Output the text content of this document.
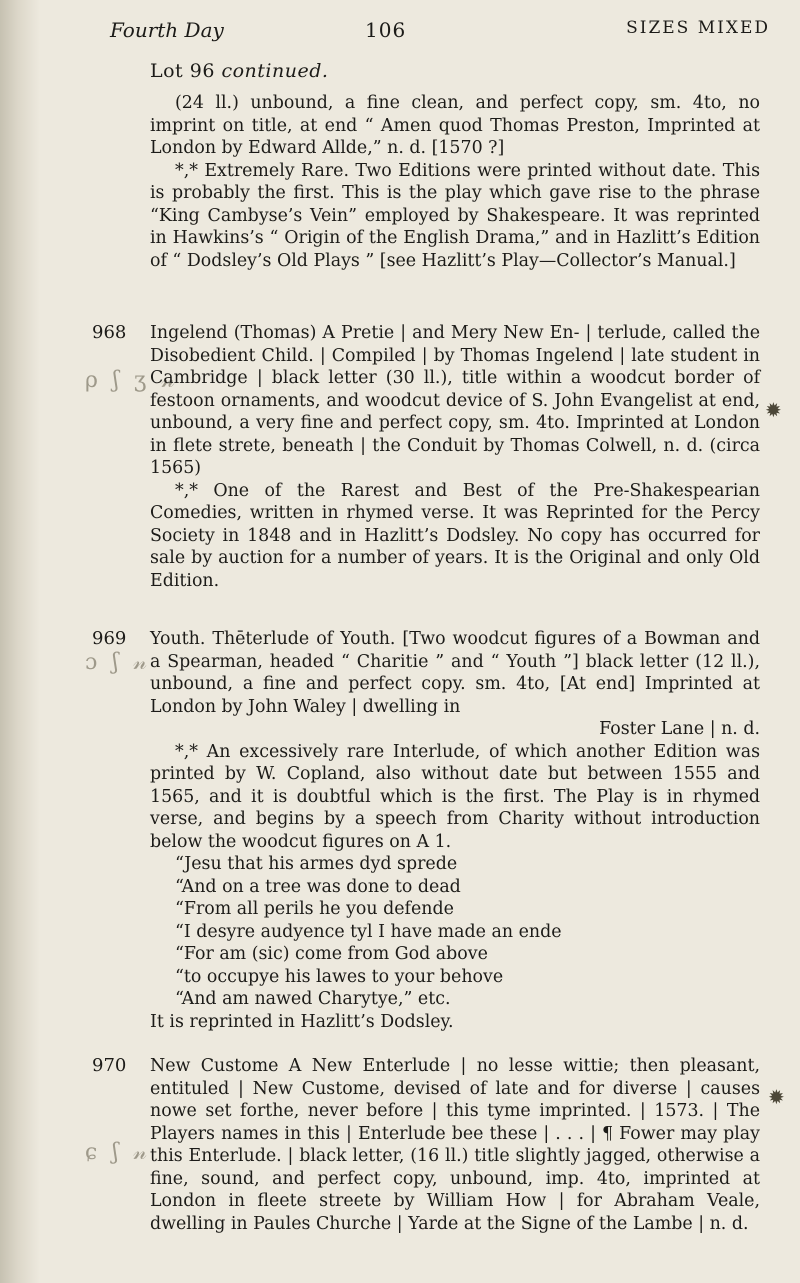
ρ ʃ ʒ 𝓃
ɔ ʃ 𝓃
ɕ ʃ 𝓃
✹
✹
Fourth Day	106	SIZES MIXED
Lot 96 continued.

(24 ll.) unbound, a fine clean, and perfect copy, sm. 4to, no imprint on title, at end “ Amen quod Thomas Preston, Imprinted at London by Edward Allde,” n. d. [1570 ?]

*,* Extremely Rare. Two Editions were printed without date. This is probably the first. This is the play which gave rise to the phrase “King Cambyse’s Vein” employed by Shakespeare. It was reprinted in Hawkins’s “ Origin of the English Drama,” and in Hazlitt’s Edition of “ Dodsley’s Old Plays ” [see Hazlitt’s Play—Collector’s Manual.]

968 Ingelend (Thomas) A Pretie | and Mery New En- | terlude, called the Disobedient Child. | Compiled | by Thomas Ingelend | late student in Cambridge | black letter (30 ll.), title within a woodcut border of festoon ornaments, and woodcut device of S. John Evangelist at end, unbound, a very fine and perfect copy, sm. 4to. Imprinted at London in flete strete, beneath | the Conduit by Thomas Colwell, n. d. (circa 1565)

*,* One of the Rarest and Best of the Pre-Shakespearian Comedies, written in rhymed verse. It was Reprinted for the Percy Society in 1848 and in Hazlitt’s Dodsley. No copy has occurred for sale by auction for a number of years. It is the Original and only Old Edition.

969 Youth. Thēterlude of Youth. [Two woodcut figures of a Bowman and a Spearman, headed “ Charitie ” and “ Youth ”] black letter (12 ll.), unbound, a fine and perfect copy. sm. 4to, [At end] Imprinted at London by John Waley | dwelling in

Foster Lane | n. d.

*,* An excessively rare Interlude, of which another Edition was printed by W. Copland, also without date but between 1555 and 1565, and it is doubtful which is the first. The Play is in rhymed verse, and begins by a speech from Charity without introduction below the woodcut figures on A 1.

“Jesu that his armes dyd sprede
“And on a tree was done to dead
“From all perils he you defende
“I desyre audyence tyl I have made an ende
“For am (sic) come from God above
“to occupye his lawes to your behove
“And am nawed Charytye,” etc.

It is reprinted in Hazlitt’s Dodsley.

970 New Custome A New Enterlude | no lesse wittie; then pleasant, entituled | New Custome, devised of late and for diverse | causes nowe set forthe, never before | this tyme imprinted. | 1573. | The Players names in this | Enterlude bee these | . . . | ¶ Fower may play this Enterlude. | black letter, (16 ll.) title slightly jagged, otherwise a fine, sound, and perfect copy, unbound, imp. 4to, imprinted at London in fleete streete by William How | for Abraham Veale, dwelling in Paules Churche | Yarde at the Signe of the Lambe | n. d.
